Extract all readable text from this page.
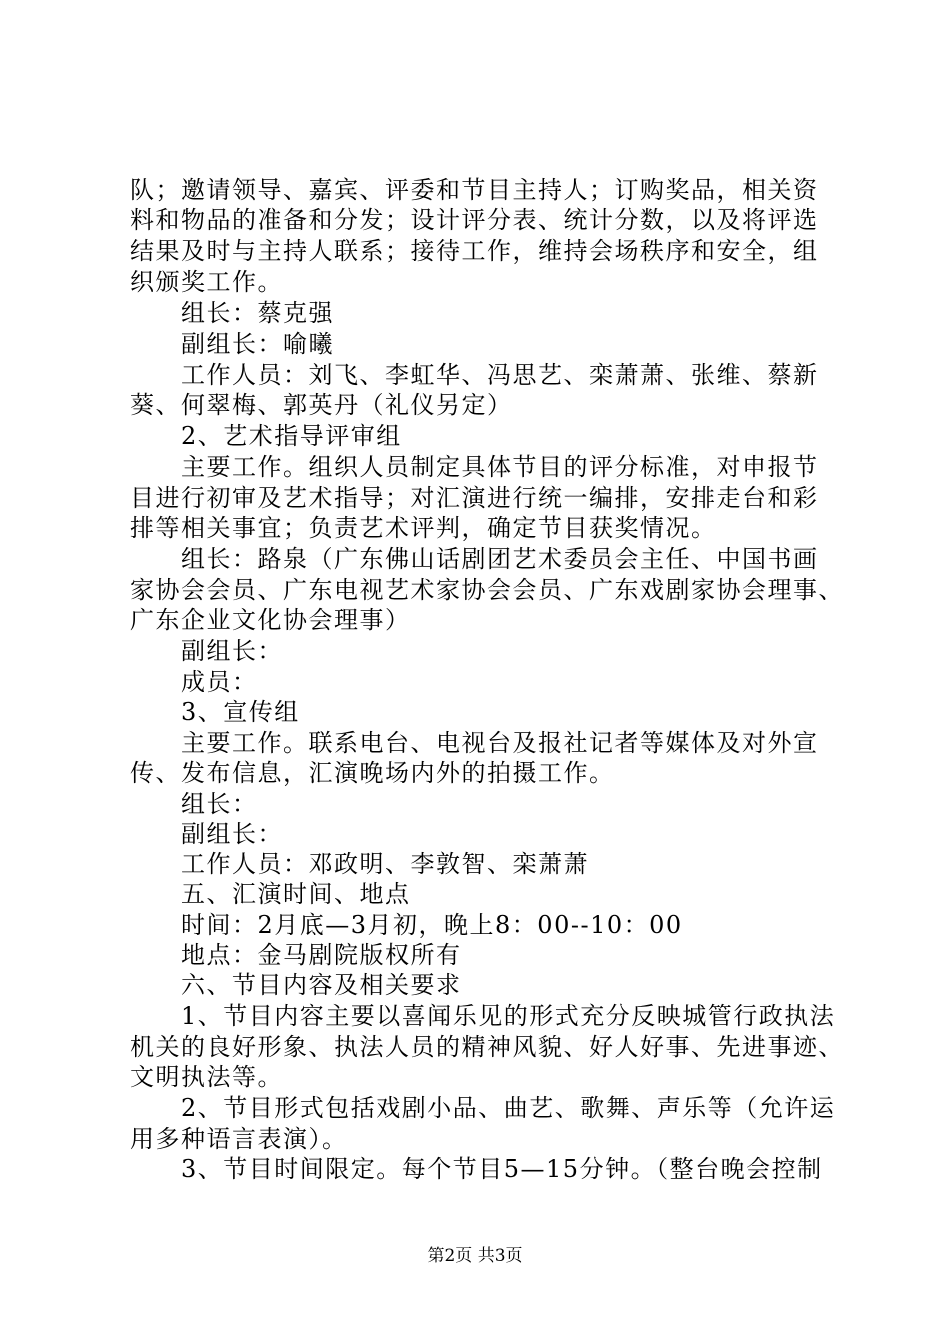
队；邀请领导、嘉宾、评委和节目主持人；订购奖品，相关资
料和物品的准备和分发；设计评分表、统计分数，以及将评选
结果及时与主持人联系；接待工作，维持会场秩序和安全，组
织颁奖工作。
　　组长：蔡克强
　　副组长：喻曦
　　工作人员：刘飞、李虹华、冯思艺、栾萧萧、张维、蔡新
葵、何翠梅、郭英丹（礼仪另定）
　　2、艺术指导评审组
　　主要工作。组织人员制定具体节目的评分标准，对申报节
目进行初审及艺术指导；对汇演进行统一编排，安排走台和彩
排等相关事宜；负责艺术评判，确定节目获奖情况。
　　组长：路泉（广东佛山话剧团艺术委员会主任、中国书画
家协会会员、广东电视艺术家协会会员、广东戏剧家协会理事、
广东企业文化协会理事）
　　副组长：
　　成员：
　　3、宣传组
　　主要工作。联系电台、电视台及报社记者等媒体及对外宣
传、发布信息，汇演晚场内外的拍摄工作。
　　组长：
　　副组长：
　　工作人员：邓政明、李敦智、栾萧萧
　　五、汇演时间、地点
　　时间：2月底—3月初，晚上8：00--10：00
　　地点：金马剧院版权所有
　　六、节目内容及相关要求
　　1、节目内容主要以喜闻乐见的形式充分反映城管行政执法
机关的良好形象、执法人员的精神风貌、好人好事、先进事迹、
文明执法等。
　　2、节目形式包括戏剧小品、曲艺、歌舞、声乐等（允许运
用多种语言表演）。
　　3、节目时间限定。每个节目5—15分钟。（整台晚会控制
第2页 共3页
